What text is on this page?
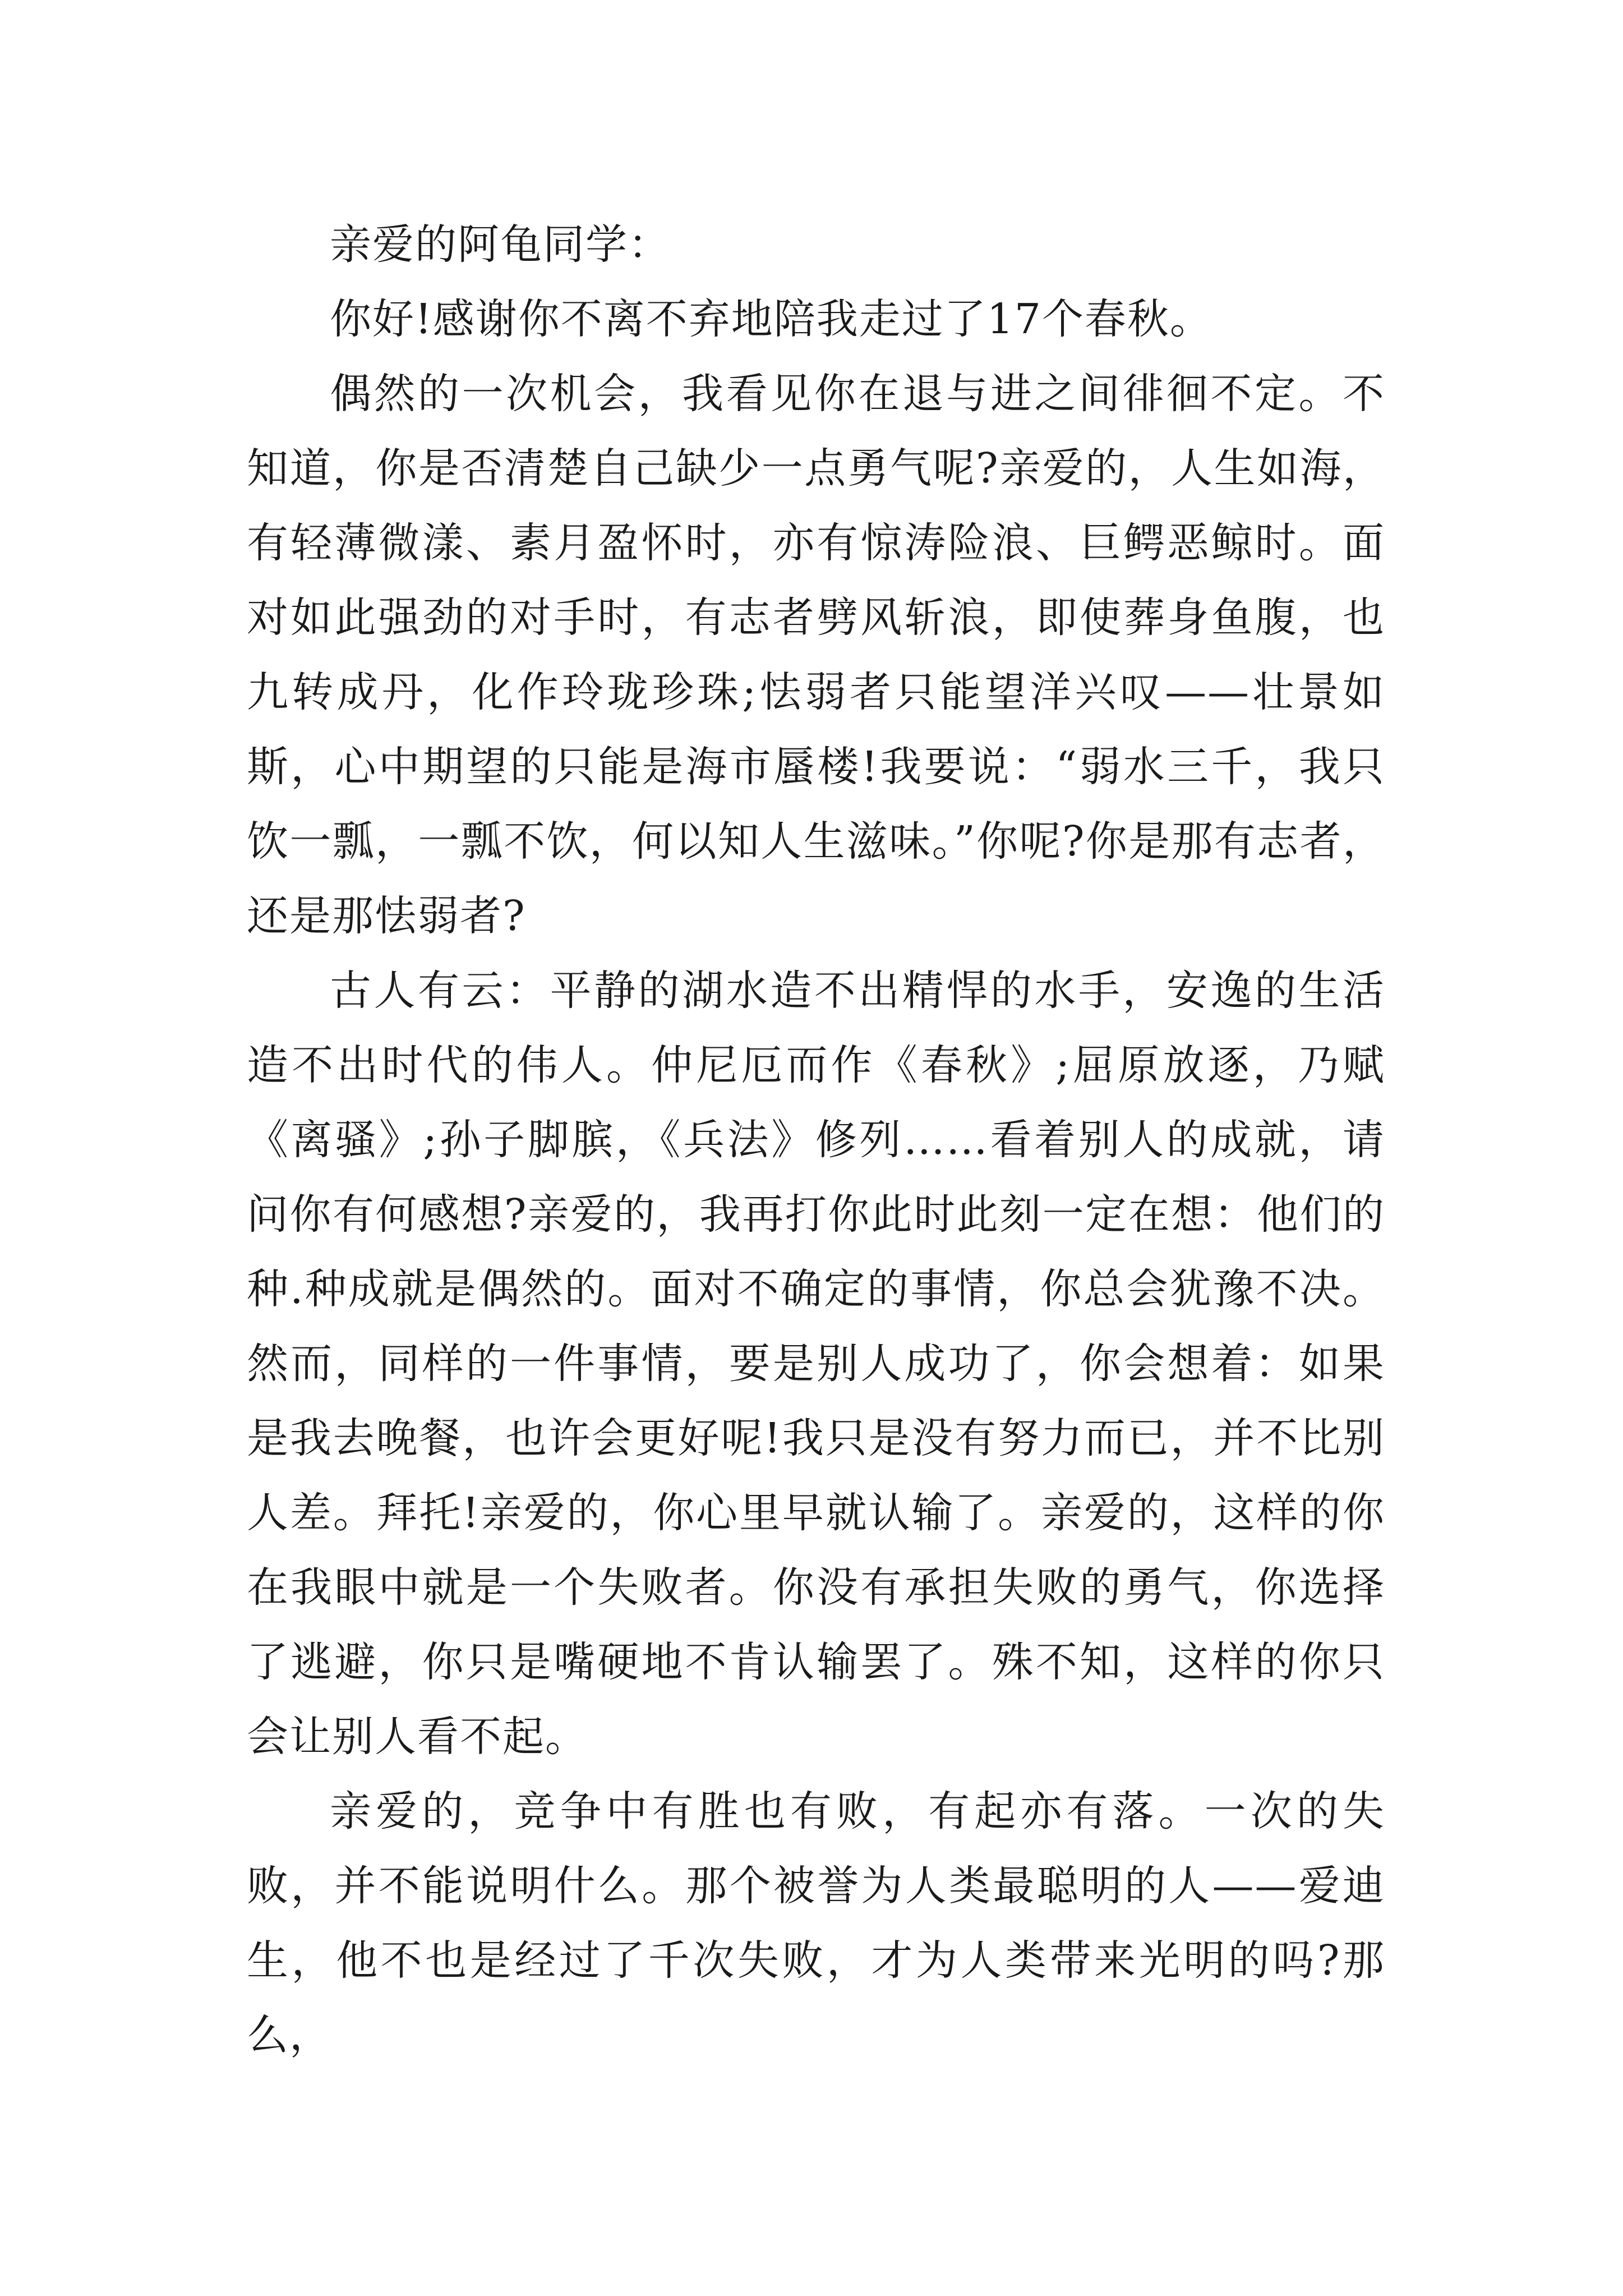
亲爱的阿龟同学：

你好!感谢你不离不弃地陪我走过了17个春秋。

偶然的一次机会，我看见你在退与进之间徘徊不定。不知道，你是否清楚自己缺少一点勇气呢?亲爱的，人生如海，有轻薄微漾、素月盈怀时，亦有惊涛险浪、巨鳄恶鲸时。面对如此强劲的对手时，有志者劈风斩浪，即使葬身鱼腹，也九转成丹，化作玲珑珍珠;怯弱者只能望洋兴叹——壮景如斯，心中期望的只能是海市蜃楼!我要说：“弱水三千，我只饮一瓢，一瓢不饮，何以知人生滋味。”你呢?你是那有志者，还是那怯弱者?

古人有云：平静的湖水造不出精悍的水手，安逸的生活造不出时代的伟人。仲尼厄而作《春秋》;屈原放逐，乃赋《离骚》;孙子脚膑，《兵法》修列……看着别人的成就，请问你有何感想?亲爱的，我再打你此时此刻一定在想：他们的种.种成就是偶然的。面对不确定的事情，你总会犹豫不决。然而，同样的一件事情，要是别人成功了，你会想着：如果是我去晚餐，也许会更好呢!我只是没有努力而已，并不比别人差。拜托!亲爱的，你心里早就认输了。亲爱的，这样的你在我眼中就是一个失败者。你没有承担失败的勇气，你选择了逃避，你只是嘴硬地不肯认输罢了。殊不知，这样的你只会让别人看不起。

亲爱的，竞争中有胜也有败，有起亦有落。一次的失败，并不能说明什么。那个被誉为人类最聪明的人——爱迪生，他不也是经过了千次失败，才为人类带来光明的吗?那么，
